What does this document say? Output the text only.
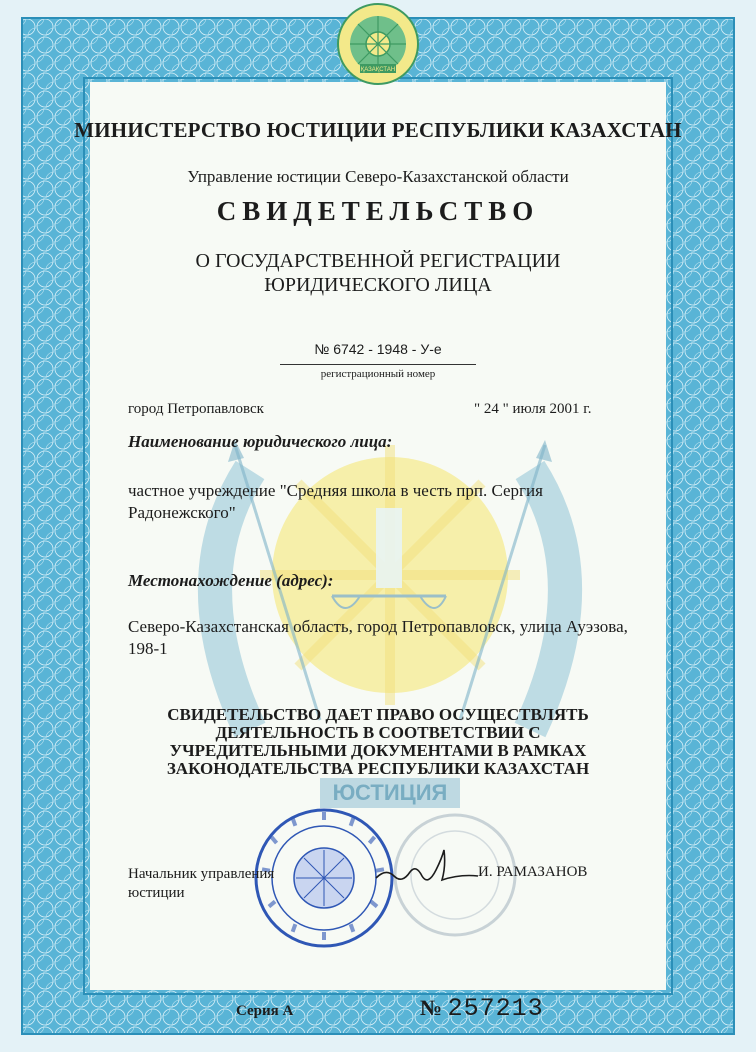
ЮСТИЦИЯ
ҚАЗАҚСТАН
МИНИСТЕРСТВО ЮСТИЦИИ РЕСПУБЛИКИ КАЗАХСТАН
Управление юстиции Северо-Казахстанской области
СВИДЕТЕЛЬСТВО
О ГОСУДАРСТВЕННОЙ РЕГИСТРАЦИИ
ЮРИДИЧЕСКОГО ЛИЦА
№ 6742 - 1948 - У-е
регистрационный номер
город Петропавловск	" 24 " июля 2001 г.
Наименование юридического лица:
частное учреждение "Средняя школа в честь прп. Сергия Радонежского"
Местонахождение (адрес):
Северо-Казахстанская область, город Петропавловск, улица Ауэзова, 198-1
СВИДЕТЕЛЬСТВО ДАЕТ ПРАВО ОСУЩЕСТВЛЯТЬ ДЕЯТЕЛЬНОСТЬ В СООТВЕТСТВИИ С УЧРЕДИТЕЛЬНЫМИ ДОКУМЕНТАМИ В РАМКАХ ЗАКОНОДАТЕЛЬСТВА РЕСПУБЛИКИ КАЗАХСТАН
Начальник управления юстиции
И. РАМАЗАНОВ
Серия А	№ 257213
